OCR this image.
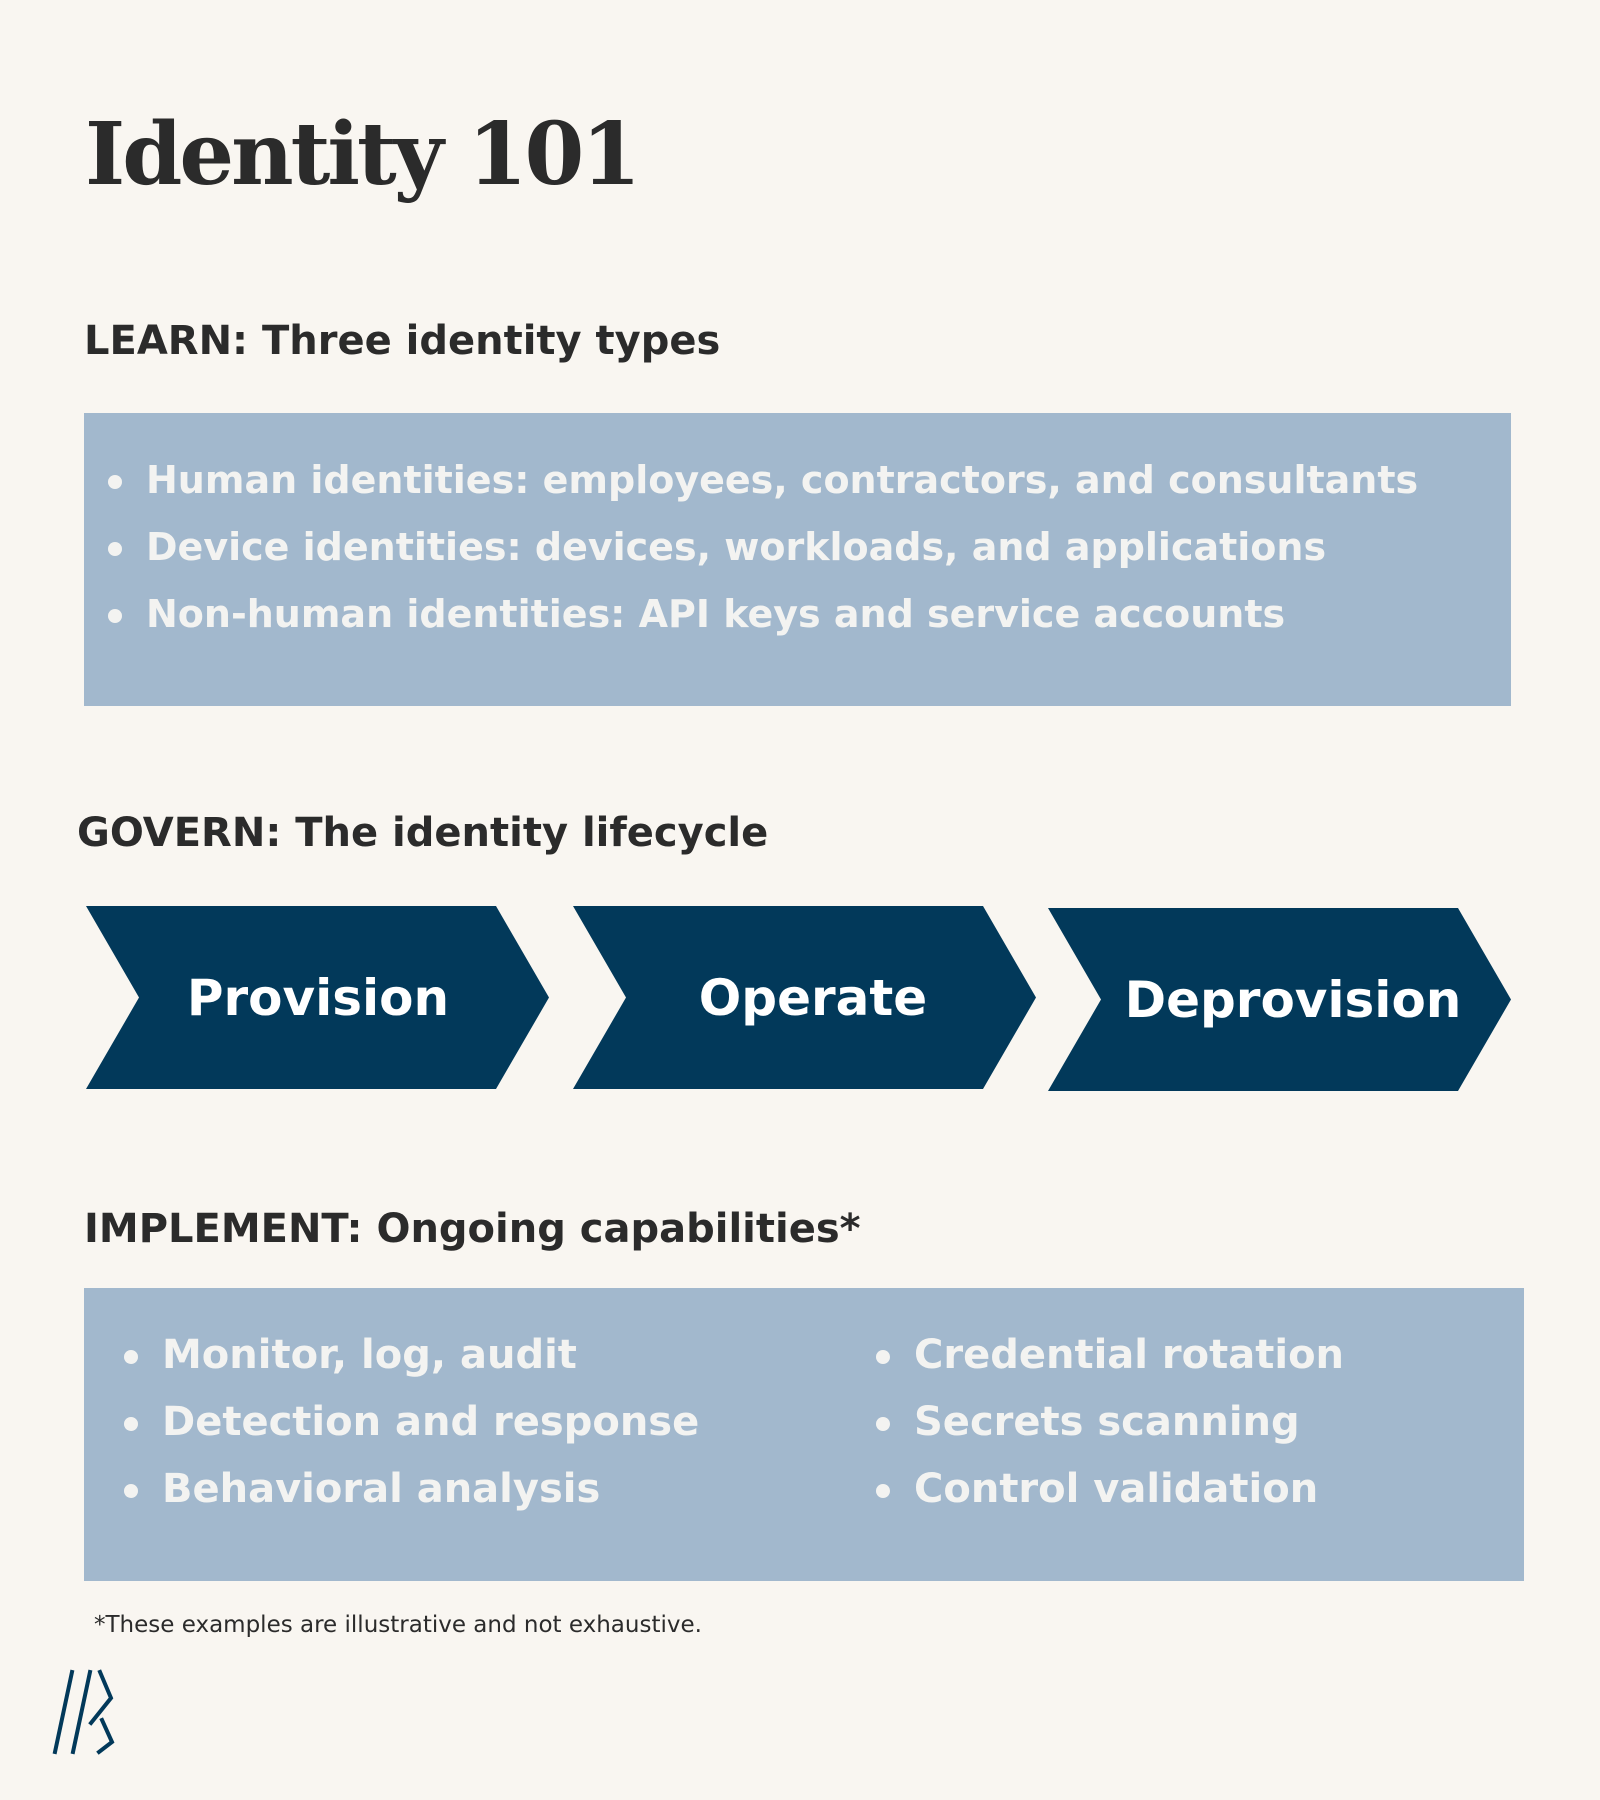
Identity 101
LEARN: Three identity types
Human identities: employees, contractors, and consultants
Device identities: devices, workloads, and applications
Non-human identities: API keys and service accounts
GOVERN: The identity lifecycle
Provision	Operate	Deprovision
IMPLEMENT: Ongoing capabilities*
Monitor, log, audit
Detection and response
Behavioral analysis
Credential rotation
Secrets scanning
Control validation

*These examples are illustrative and not exhaustive.
